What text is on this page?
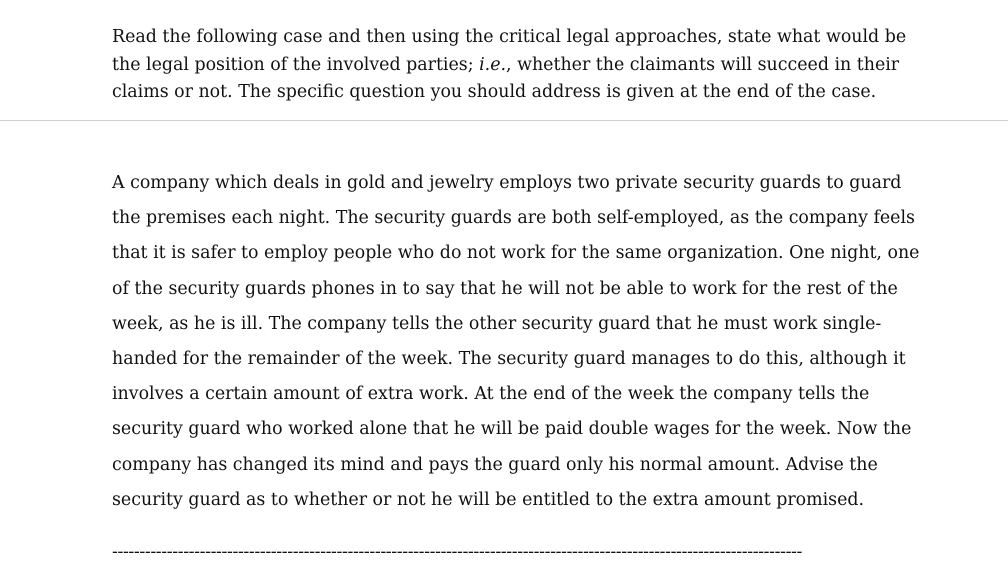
Read the following case and then using the critical legal approaches, state what would be
the legal position of the involved parties; i.e., whether the claimants will succeed in their
claims or not. The specific question you should address is given at the end of the case.
A company which deals in gold and jewelry employs two private security guards to guard
the premises each night. The security guards are both self-employed, as the company feels
that it is safer to employ people who do not work for the same organization. One night, one
of the security guards phones in to say that he will not be able to work for the rest of the
week, as he is ill. The company tells the other security guard that he must work single-
handed for the remainder of the week. The security guard manages to do this, although it
involves a certain amount of extra work. At the end of the week the company tells the
security guard who worked alone that he will be paid double wages for the week. Now the
company has changed its mind and pays the guard only his normal amount. Advise the
security guard as to whether or not he will be entitled to the extra amount promised.
------------------------------------------------------------------------------------------------------------------------------
